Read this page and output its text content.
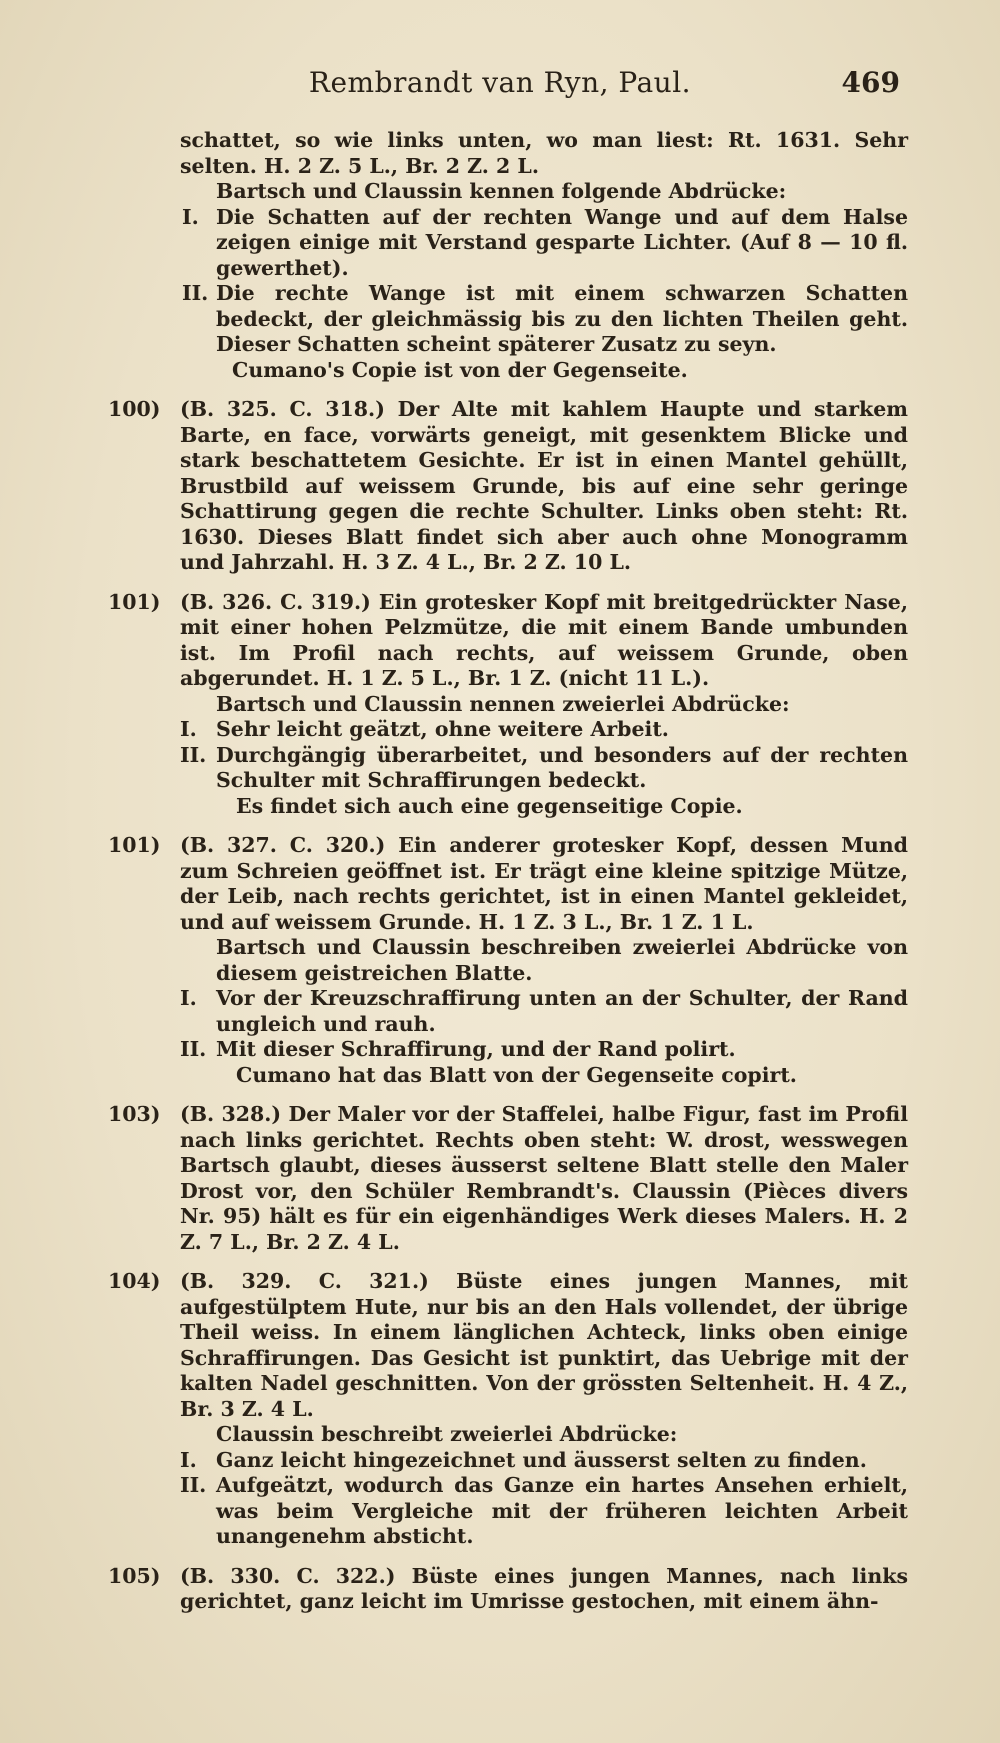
Rembrandt van Ryn, Paul.	469

schattet, so wie links unten, wo man liest: Rt. 1631. Sehr selten. H. 2 Z. 5 L., Br. 2 Z. 2 L.

Bartsch und Claussin kennen folgende Abdrücke:

I. Die Schatten auf der rechten Wange und auf dem Halse zeigen einige mit Verstand gesparte Lichter. (Auf 8 — 10 fl. gewerthet).

II. Die rechte Wange ist mit einem schwarzen Schatten bedeckt, der gleichmässig bis zu den lichten Theilen geht. Dieser Schatten scheint späterer Zusatz zu seyn.

Cumano's Copie ist von der Gegenseite.

100) (B. 325. C. 318.) Der Alte mit kahlem Haupte und starkem Barte, en face, vorwärts geneigt, mit gesenktem Blicke und stark beschattetem Gesichte. Er ist in einen Mantel gehüllt, Brustbild auf weissem Grunde, bis auf eine sehr geringe Schattirung gegen die rechte Schulter. Links oben steht: Rt. 1630. Dieses Blatt findet sich aber auch ohne Monogramm und Jahrzahl. H. 3 Z. 4 L., Br. 2 Z. 10 L.

101) (B. 326. C. 319.) Ein grotesker Kopf mit breitgedrückter Nase, mit einer hohen Pelzmütze, die mit einem Bande umbunden ist. Im Profil nach rechts, auf weissem Grunde, oben abgerundet. H. 1 Z. 5 L., Br. 1 Z. (nicht 11 L.).

Bartsch und Claussin nennen zweierlei Abdrücke:

I. Sehr leicht geätzt, ohne weitere Arbeit.

II. Durchgängig überarbeitet, und besonders auf der rechten Schulter mit Schraffirungen bedeckt.

Es findet sich auch eine gegenseitige Copie.

101) (B. 327. C. 320.) Ein anderer grotesker Kopf, dessen Mund zum Schreien geöffnet ist. Er trägt eine kleine spitzige Mütze, der Leib, nach rechts gerichtet, ist in einen Mantel gekleidet, und auf weissem Grunde. H. 1 Z. 3 L., Br. 1 Z. 1 L.

Bartsch und Claussin beschreiben zweierlei Abdrücke von diesem geistreichen Blatte.

I. Vor der Kreuzschraffirung unten an der Schulter, der Rand ungleich und rauh.

II. Mit dieser Schraffirung, und der Rand polirt.

Cumano hat das Blatt von der Gegenseite copirt.

103) (B. 328.) Der Maler vor der Staffelei, halbe Figur, fast im Profil nach links gerichtet. Rechts oben steht: W. drost, wesswegen Bartsch glaubt, dieses äusserst seltene Blatt stelle den Maler Drost vor, den Schüler Rembrandt's. Claussin (Pièces divers Nr. 95) hält es für ein eigenhändiges Werk dieses Malers. H. 2 Z. 7 L., Br. 2 Z. 4 L.

104) (B. 329. C. 321.) Büste eines jungen Mannes, mit aufgestülptem Hute, nur bis an den Hals vollendet, der übrige Theil weiss. In einem länglichen Achteck, links oben einige Schraffirungen. Das Gesicht ist punktirt, das Uebrige mit der kalten Nadel geschnitten. Von der grössten Seltenheit. H. 4 Z., Br. 3 Z. 4 L.

Claussin beschreibt zweierlei Abdrücke:

I. Ganz leicht hingezeichnet und äusserst selten zu finden.

II. Aufgeätzt, wodurch das Ganze ein hartes Ansehen erhielt, was beim Vergleiche mit der früheren leichten Arbeit unangenehm absticht.

105) (B. 330. C. 322.) Büste eines jungen Mannes, nach links gerichtet, ganz leicht im Umrisse gestochen, mit einem ähn-
